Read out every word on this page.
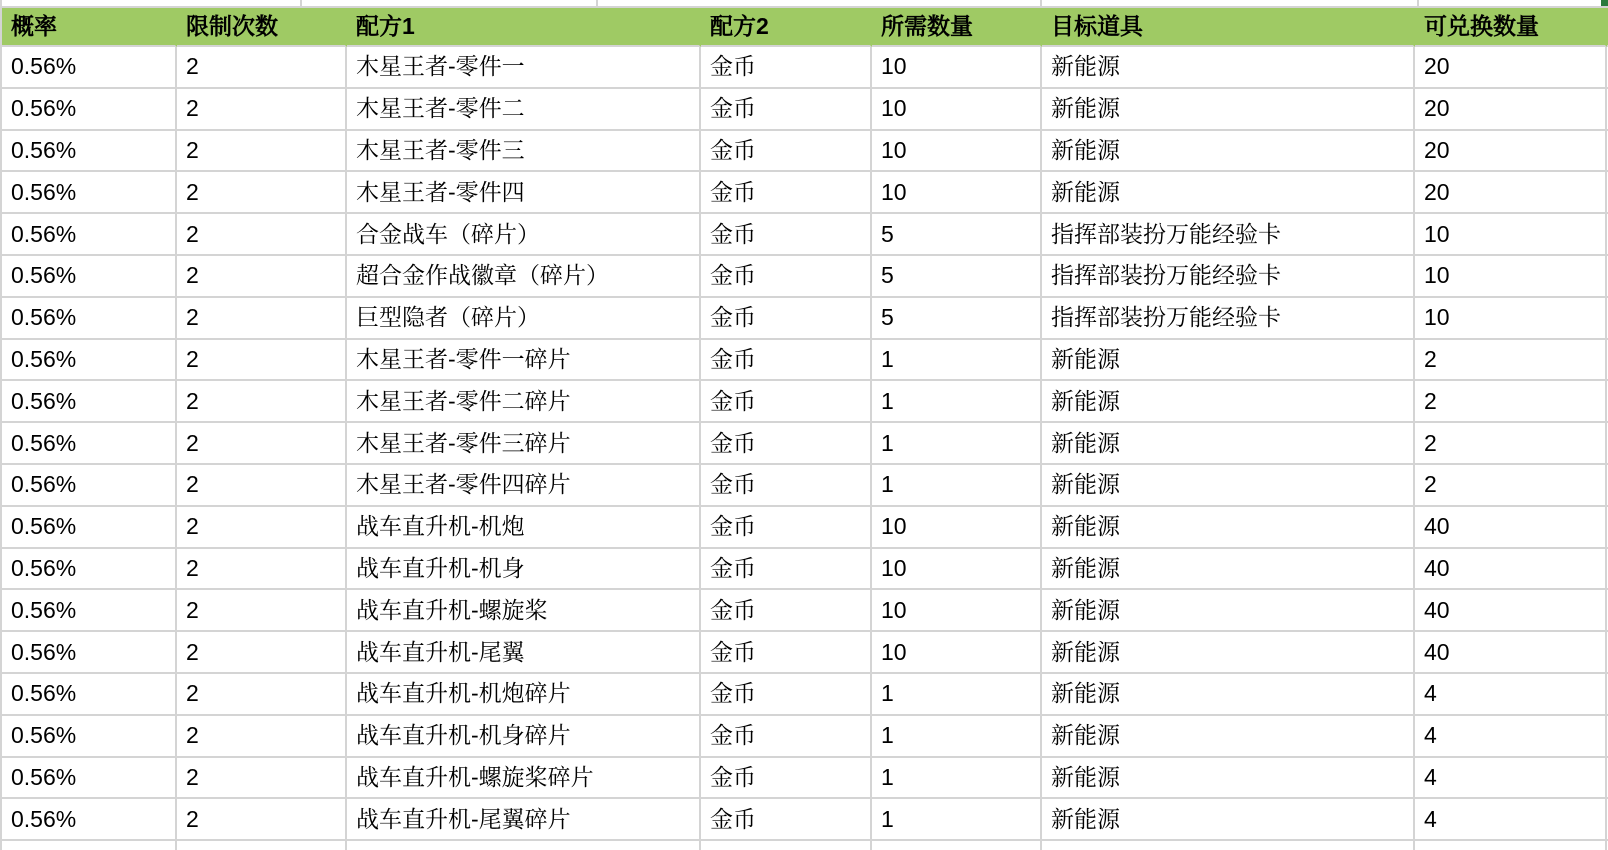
概率	限制次数	配方1	配方2	所需数量	目标道具	可兑换数量
0.56%	2	木星王者-零件一	金币	10	新能源	20
0.56%	2	木星王者-零件二	金币	10	新能源	20
0.56%	2	木星王者-零件三	金币	10	新能源	20
0.56%	2	木星王者-零件四	金币	10	新能源	20
0.56%	2	合金战车（碎片）	金币	5	指挥部装扮万能经验卡	10
0.56%	2	超合金作战徽章（碎片）	金币	5	指挥部装扮万能经验卡	10
0.56%	2	巨型隐者（碎片）	金币	5	指挥部装扮万能经验卡	10
0.56%	2	木星王者-零件一碎片	金币	1	新能源	2
0.56%	2	木星王者-零件二碎片	金币	1	新能源	2
0.56%	2	木星王者-零件三碎片	金币	1	新能源	2
0.56%	2	木星王者-零件四碎片	金币	1	新能源	2
0.56%	2	战车直升机-机炮	金币	10	新能源	40
0.56%	2	战车直升机-机身	金币	10	新能源	40
0.56%	2	战车直升机-螺旋桨	金币	10	新能源	40
0.56%	2	战车直升机-尾翼	金币	10	新能源	40
0.56%	2	战车直升机-机炮碎片	金币	1	新能源	4
0.56%	2	战车直升机-机身碎片	金币	1	新能源	4
0.56%	2	战车直升机-螺旋桨碎片	金币	1	新能源	4
0.56%	2	战车直升机-尾翼碎片	金币	1	新能源	4
